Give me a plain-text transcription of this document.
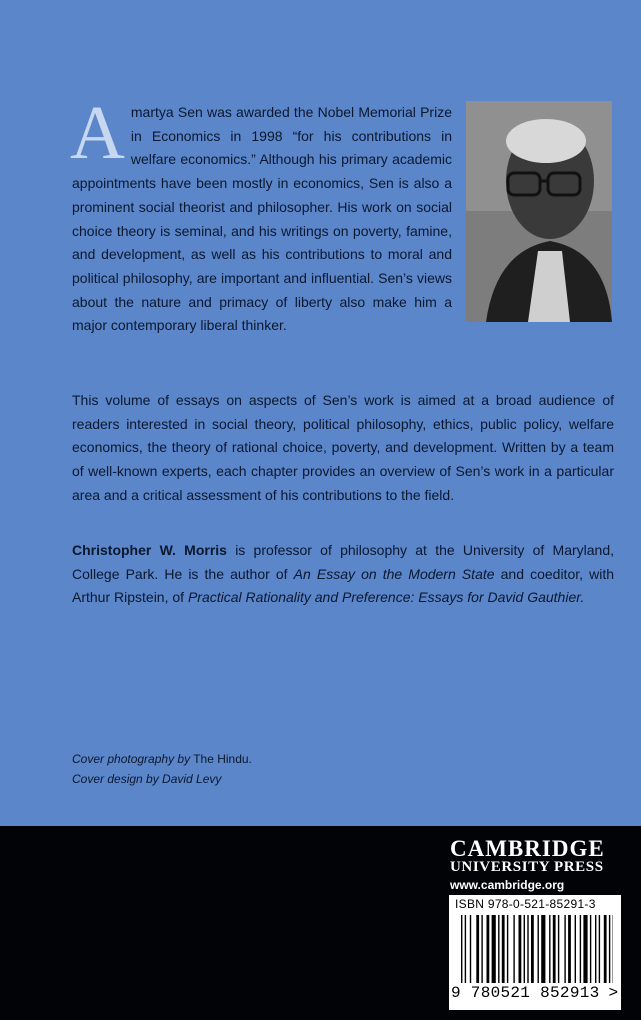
A martya Sen was awarded the Nobel Memorial Prize in Economics in 1998 “for his contributions in welfare economics.” Although his primary academic appointments have been mostly in economics, Sen is also a prominent social theorist and philosopher. His work on social choice theory is seminal, and his writings on poverty, famine, and development, as well as his contributions to moral and political philosophy, are important and influential. Sen’s views about the nature and primacy of liberty also make him a major contemporary liberal thinker.
This volume of essays on aspects of Sen’s work is aimed at a broad audience of readers interested in social theory, political philosophy, ethics, public policy, welfare economics, the theory of rational choice, poverty, and development. Written by a team of well-known experts, each chapter provides an overview of Sen’s work in a particular area and a critical assessment of his contributions to the field.
Christopher W. Morris is professor of philosophy at the University of Maryland, College Park. He is the author of An Essay on the Modern State and coeditor, with Arthur Ripstein, of Practical Rationality and Preference: Essays for David Gauthier.
Cover photography by The Hindu.
Cover design by David Levy
CAMBRIDGE
UNIVERSITY PRESS
www.cambridge.org
ISBN 978-0-521-85291-3
9 780521 852913 >
